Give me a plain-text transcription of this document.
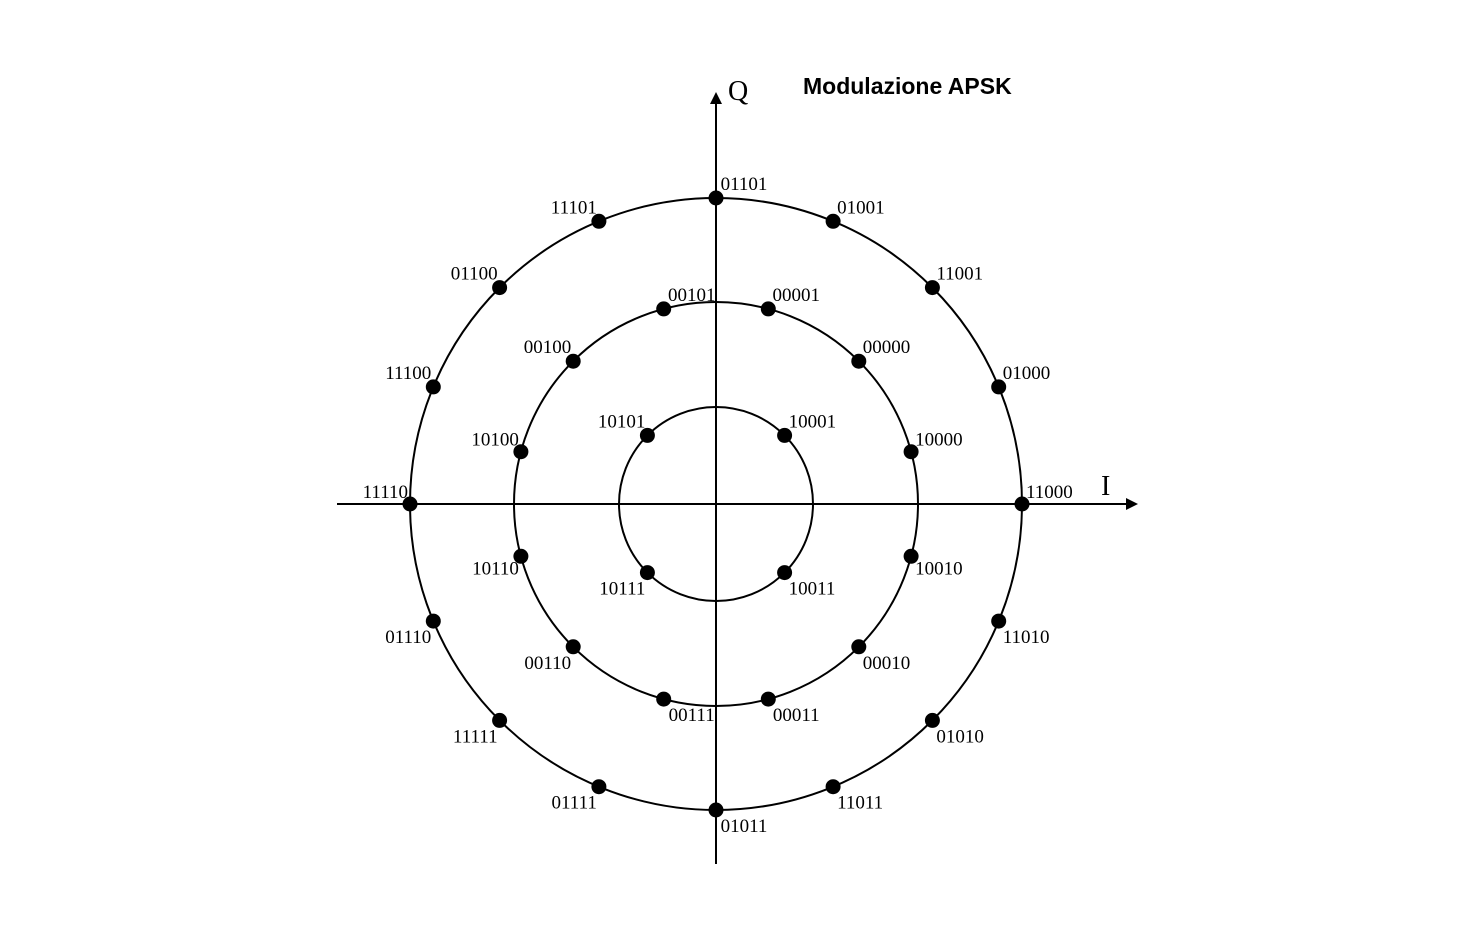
Modulazione APSK
I
Q
10001
10101
10111	10011
10000
00000
00001
00101
00100
10100
10110
00110
00111	00011
00010
10010
11000
01000
11001
01001
01101
11101
01100
11100
11110
01110
11111
01111
01011
11011
01010
11010
